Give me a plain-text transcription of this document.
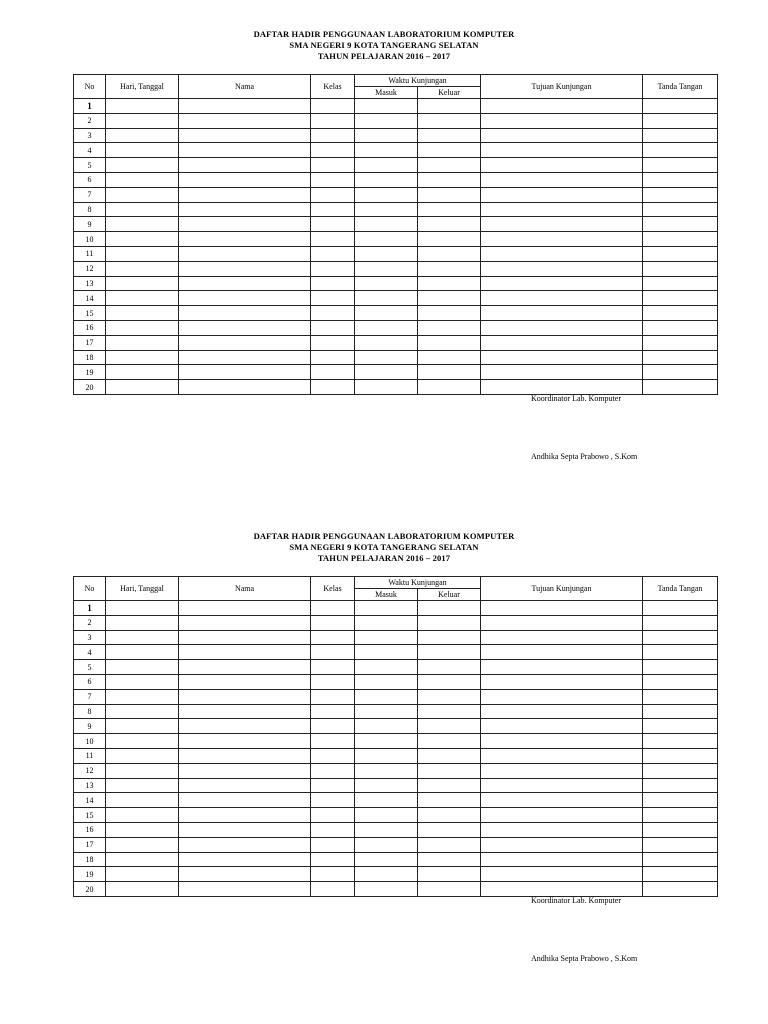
DAFTAR HADIR PENGGUNAAN LABORATORIUM KOMPUTER
SMA NEGERI 9 KOTA TANGERANG SELATAN
TAHUN PELAJARAN 2016 – 2017
No	Hari, Tanggal	Nama	Kelas	Waktu Kunjungan		Tujuan Kunjungan	Tanda Tangan
				Masuk	Keluar		
1							
2							
3							
4							
5							
6							
7							
8							
9							
10							
11							
12							
13							
14							
15							
16							
17							
18							
19							
20							
Koordinator Lab. Komputer
Andhika Septa Prabowo , S.Kom
DAFTAR HADIR PENGGUNAAN LABORATORIUM KOMPUTER
SMA NEGERI 9 KOTA TANGERANG SELATAN
TAHUN PELAJARAN 2016 – 2017
No	Hari, Tanggal	Nama	Kelas	Waktu Kunjungan		Tujuan Kunjungan	Tanda Tangan
				Masuk	Keluar		
1							
2							
3							
4							
5							
6							
7							
8							
9							
10							
11							
12							
13							
14							
15							
16							
17							
18							
19							
20							
Koordinator Lab. Komputer
Andhika Septa Prabowo , S.Kom
